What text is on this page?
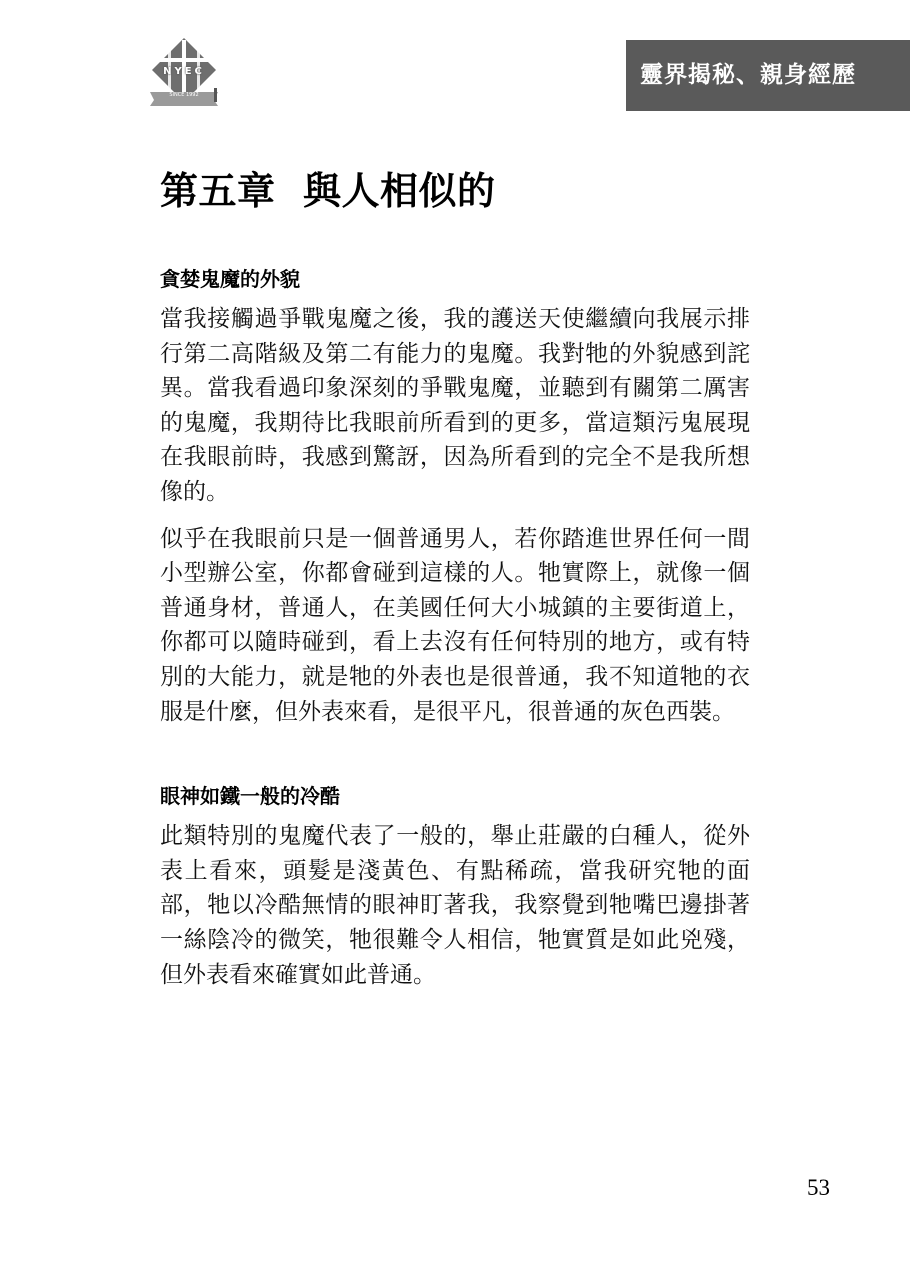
NYEC
SINCE 1992
靈界揭秘、親身經歷
第五章  與人相似的
貪婪鬼魔的外貌

當我接觸過爭戰鬼魔之後，我的護送天使繼續向我展示排行第二高階級及第二有能力的鬼魔。我對牠的外貌感到詫異。當我看過印象深刻的爭戰鬼魔，並聽到有關第二厲害的鬼魔，我期待比我眼前所看到的更多，當這類污鬼展現在我眼前時，我感到驚訝，因為所看到的完全不是我所想像的。

似乎在我眼前只是一個普通男人，若你踏進世界任何一間小型辦公室，你都會碰到這樣的人。牠實際上，就像一個普通身材，普通人，在美國任何大小城鎮的主要街道上，你都可以隨時碰到，看上去沒有任何特別的地方，或有特別的大能力，就是牠的外表也是很普通，我不知道牠的衣服是什麼，但外表來看，是很平凡，很普通的灰色西裝。

眼神如鐵一般的冷酷

此類特別的鬼魔代表了一般的，舉止莊嚴的白種人，從外表上看來，頭髮是淺黃色、有點稀疏，當我研究牠的面部，牠以冷酷無情的眼神盯著我，我察覺到牠嘴巴邊掛著一絲陰冷的微笑，牠很難令人相信，牠實質是如此兇殘，但外表看來確實如此普通。

53
